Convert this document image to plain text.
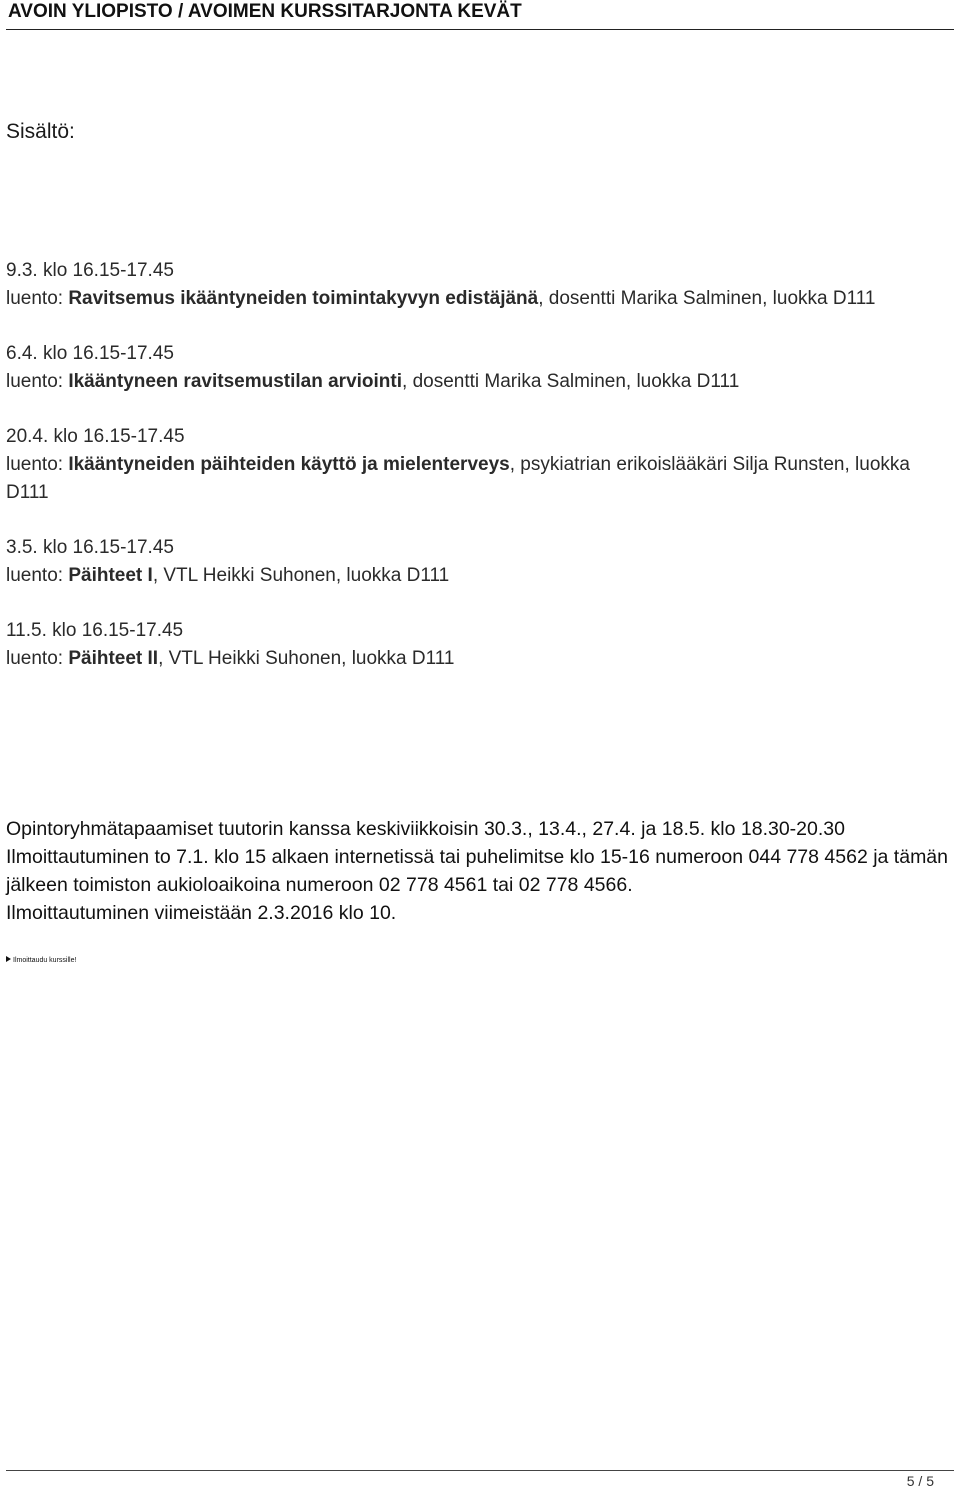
AVOIN YLIOPISTO / AVOIMEN KURSSITARJONTA KEVÄT
Sisältö:
9.3. klo 16.15-17.45
luento: Ravitsemus ikääntyneiden toimintakyvyn edistäjänä, dosentti Marika Salminen, luokka D111
6.4. klo 16.15-17.45
luento: Ikääntyneen ravitsemustilan arviointi, dosentti Marika Salminen, luokka D111
20.4. klo 16.15-17.45
luento: Ikääntyneiden päihteiden käyttö ja mielenterveys, psykiatrian erikoislääkäri Silja Runsten, luokka D111
3.5. klo 16.15-17.45
luento: Päihteet I, VTL Heikki Suhonen, luokka D111
11.5. klo 16.15-17.45
luento: Päihteet II, VTL Heikki Suhonen, luokka D111

Opintoryhmätapaamiset tuutorin kanssa keskiviikkoisin 30.3., 13.4., 27.4. ja 18.5. klo 18.30-20.30

Ilmoittautuminen to 7.1. klo 15 alkaen internetissä tai puhelimitse klo 15-16 numeroon 044 778 4562 ja tämän jälkeen toimiston aukioloaikoina numeroon 02 778 4561 tai 02 778 4566.

Ilmoittautuminen viimeistään 2.3.2016 klo 10.

Ilmoittaudu kurssille!
5 / 5
